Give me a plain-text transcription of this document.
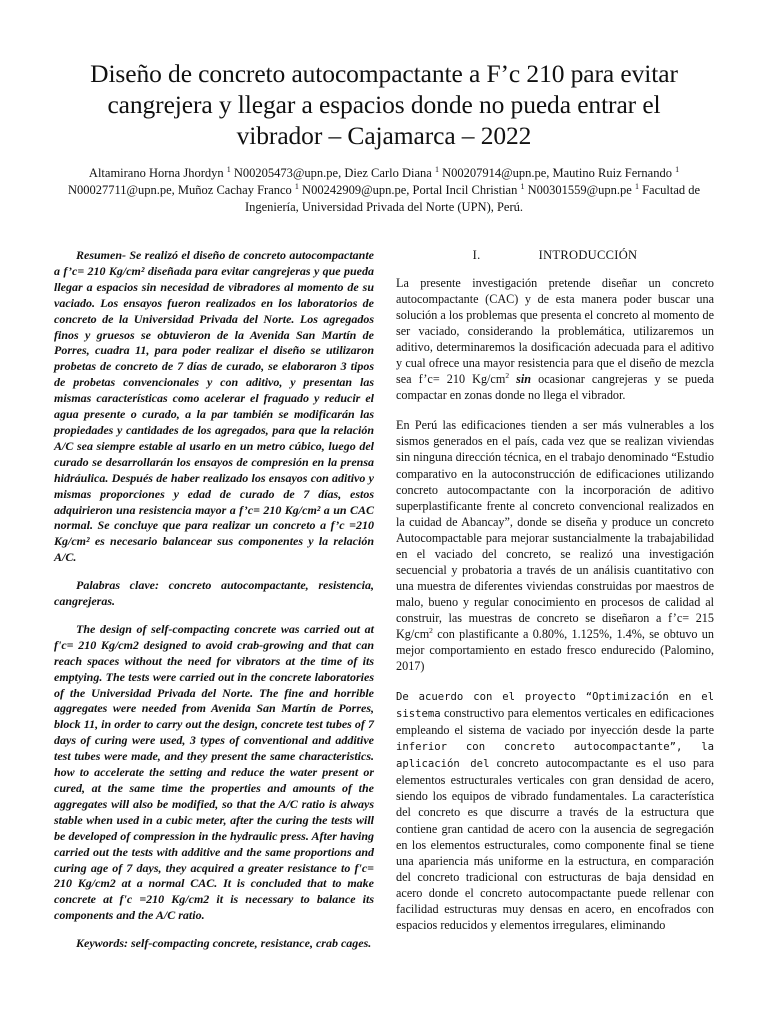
Diseño de concreto autocompactante a F’c 210 para evitar cangrejera y llegar a espacios donde no pueda entrar el vibrador – Cajamarca – 2022
Altamirano Horna Jhordyn $^1$ N00205473@upn.pe, Diez Carlo Diana $^1$ N00207914@upn.pe, Mautino Ruiz Fernando $^1$
N00027711@upn.pe, Muñoz Cachay Franco $^1$ N00242909@upn.pe, Portal Incil Christian $^1$ N00301559@upn.pe $^1$ Facultad de
Ingeniería, Universidad Privada del Norte (UPN), Perú.

Resumen- Se realizó el diseño de concreto autocompactante a f’c= 210 Kg/cm² diseñada para evitar cangrejeras y que pueda llegar a espacios sin necesidad de vibradores al momento de su vaciado. Los ensayos fueron realizados en los laboratorios de concreto de la Universidad Privada del Norte. Los agregados finos y gruesos se obtuvieron de la Avenida San Martín de Porres, cuadra 11, para poder realizar el diseño se utilizaron probetas de concreto de 7 días de curado, se elaboraron 3 tipos de probetas convencionales y con aditivo, y presentan las mismas características como acelerar el fraguado y reducir el agua presente o curado, a la par también se modificarán las propiedades y cantidades de los agregados, para que la relación A/C sea siempre estable al usarlo en un metro cúbico, luego del curado se desarrollarán los ensayos de compresión en la prensa hidráulica. Después de haber realizado los ensayos con aditivo y mismas proporciones y edad de curado de 7 días, estos adquirieron una resistencia mayor a f’c= 210 Kg/cm² a un CAC normal. Se concluye que para realizar un concreto a f’c =210 Kg/cm² es necesario balancear sus componentes y la relación A/C.

Palabras clave: concreto autocompactante, resistencia, cangrejeras.

The design of self-compacting concrete was carried out at f'c= 210 Kg/cm2 designed to avoid crab-growing and that can reach spaces without the need for vibrators at the time of its emptying. The tests were carried out in the concrete laboratories of the Universidad Privada del Norte. The fine and horrible aggregates were needed from Avenida San Martín de Porres, block 11, in order to carry out the design, concrete test tubes of 7 days of curing were used, 3 types of conventional and additive test tubes were made, and they present the same characteristics. how to accelerate the setting and reduce the water present or cured, at the same time the properties and amounts of the aggregates will also be modified, so that the A/C ratio is always stable when used in a cubic meter, after the curing the tests will be developed of compression in the hydraulic press. After having carried out the tests with additive and the same proportions and curing age of 7 days, they acquired a greater resistance to f'c= 210 Kg/cm2 at a normal CAC. It is concluded that to make concrete at f'c =210 Kg/cm2 it is necessary to balance its components and the A/C ratio.

Keywords: self-compacting concrete, resistance, crab cages.

I.	INTRODUCCIÓN

La presente investigación pretende diseñar un concreto autocompactante (CAC) y de esta manera poder buscar una solución a los problemas que presenta el concreto al momento de ser vaciado, considerando la problemática, utilizaremos un aditivo, determinaremos la dosificación adecuada para el aditivo y cual ofrece una mayor resistencia para que el diseño de mezcla sea f’c= 210 $Kg/cm^2$ sin ocasionar cangrejeras y se pueda compactar en zonas donde no llega el vibrador.

En Perú las edificaciones tienden a ser más vulnerables a los sismos generados en el país, cada vez que se realizan viviendas sin ninguna dirección técnica, en el trabajo denominado “Estudio comparativo en la autoconstrucción de edificaciones utilizando concreto autocompactante con la incorporación de aditivo superplastificante frente al concreto convencional realizados en la cuidad de Abancay”, donde se diseña y produce un concreto Autocompactable para mejorar sustancialmente la trabajabilidad en el vaciado del concreto, se realizó una investigación secuencial y probatoria a través de un análisis cuantitativo con una muestra de diferentes viviendas construidas por maestros de malo, bueno y regular conocimiento en procesos de calidad al construir, las muestras de concreto se diseñaron a f’c= 215 $Kg/cm^2$ con plastificante a 0.80%, 1.125%, 1.4%, se obtuvo un mejor comportamiento en estado fresco endurecido (Palomino, 2017)

De acuerdo con el proyecto “Optimización en el sistema constructivo para elementos verticales en edificaciones empleando el sistema de vaciado por inyección desde la parte inferior con concreto autocompactante”, la aplicación del concreto autocompactante es el uso para elementos estructurales verticales con gran densidad de acero, siendo los equipos de vibrado fundamentales. La característica del concreto es que discurre a través de la estructura que contiene gran cantidad de acero con la ausencia de segregación en los elementos estructurales, como componente final se tiene una apariencia más uniforme en la estructura, en comparación del concreto tradicional con estructuras de baja densidad en acero donde el concreto autocompactante puede rellenar con facilidad estructuras muy densas en acero, en encofrados con espacios reducidos y elementos irregulares, eliminando
